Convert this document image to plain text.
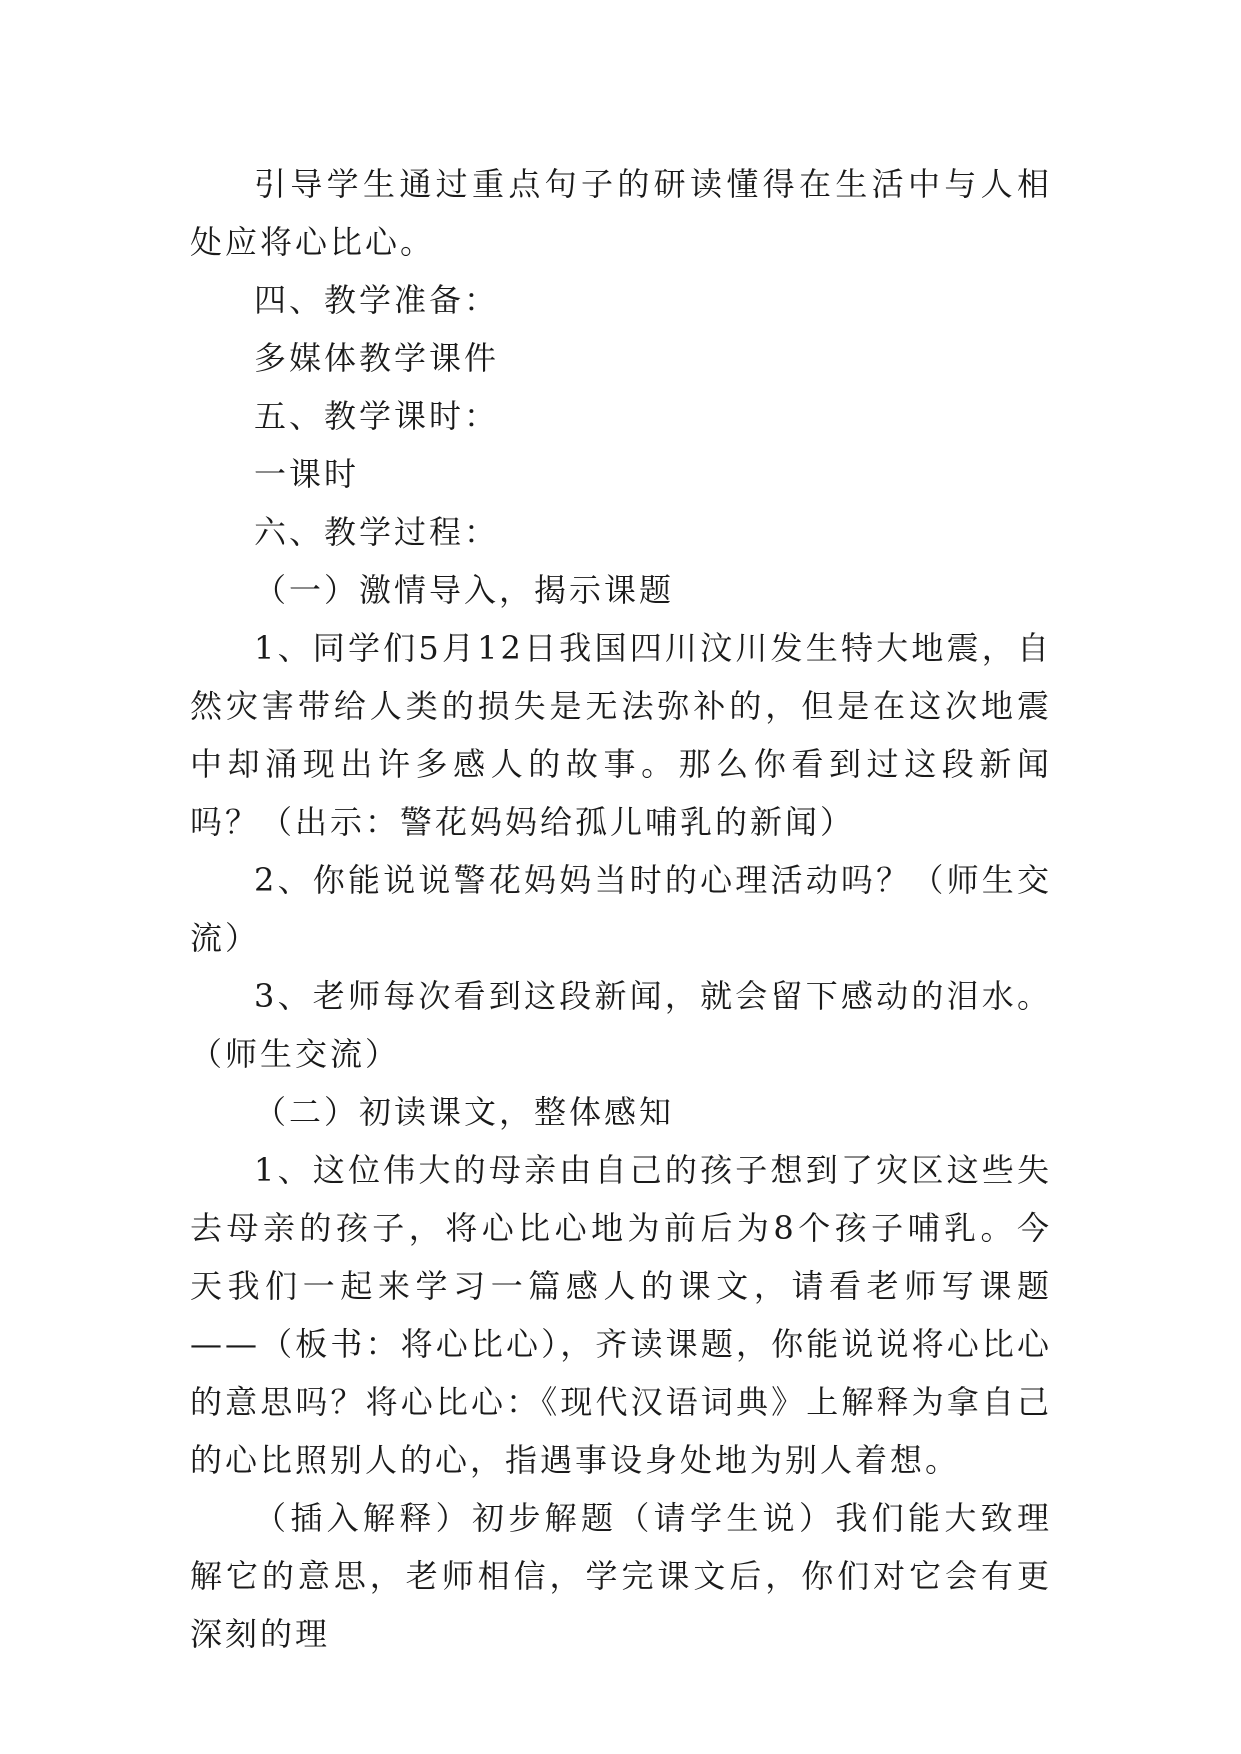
引导学生通过重点句子的研读懂得在生活中与人相处应将心比心。

四、教学准备：

多媒体教学课件

五、教学课时：

一课时

六、教学过程：

（一）激情导入，揭示课题

1、同学们5月12日我国四川汶川发生特大地震，自然灾害带给人类的损失是无法弥补的，但是在这次地震中却涌现出许多感人的故事。那么你看到过这段新闻吗？（出示：警花妈妈给孤儿哺乳的新闻）

2、你能说说警花妈妈当时的心理活动吗？（师生交流）

3、老师每次看到这段新闻，就会留下感动的泪水。（师生交流）

（二）初读课文，整体感知

1、这位伟大的母亲由自己的孩子想到了灾区这些失去母亲的孩子，将心比心地为前后为8个孩子哺乳。今天我们一起来学习一篇感人的课文，请看老师写课题——（板书：将心比心），齐读课题，你能说说将心比心的意思吗？将心比心：《现代汉语词典》上解释为拿自己的心比照别人的心，指遇事设身处地为别人着想。

（插入解释）初步解题（请学生说）我们能大致理解它的意思，老师相信，学完课文后，你们对它会有更深刻的理
